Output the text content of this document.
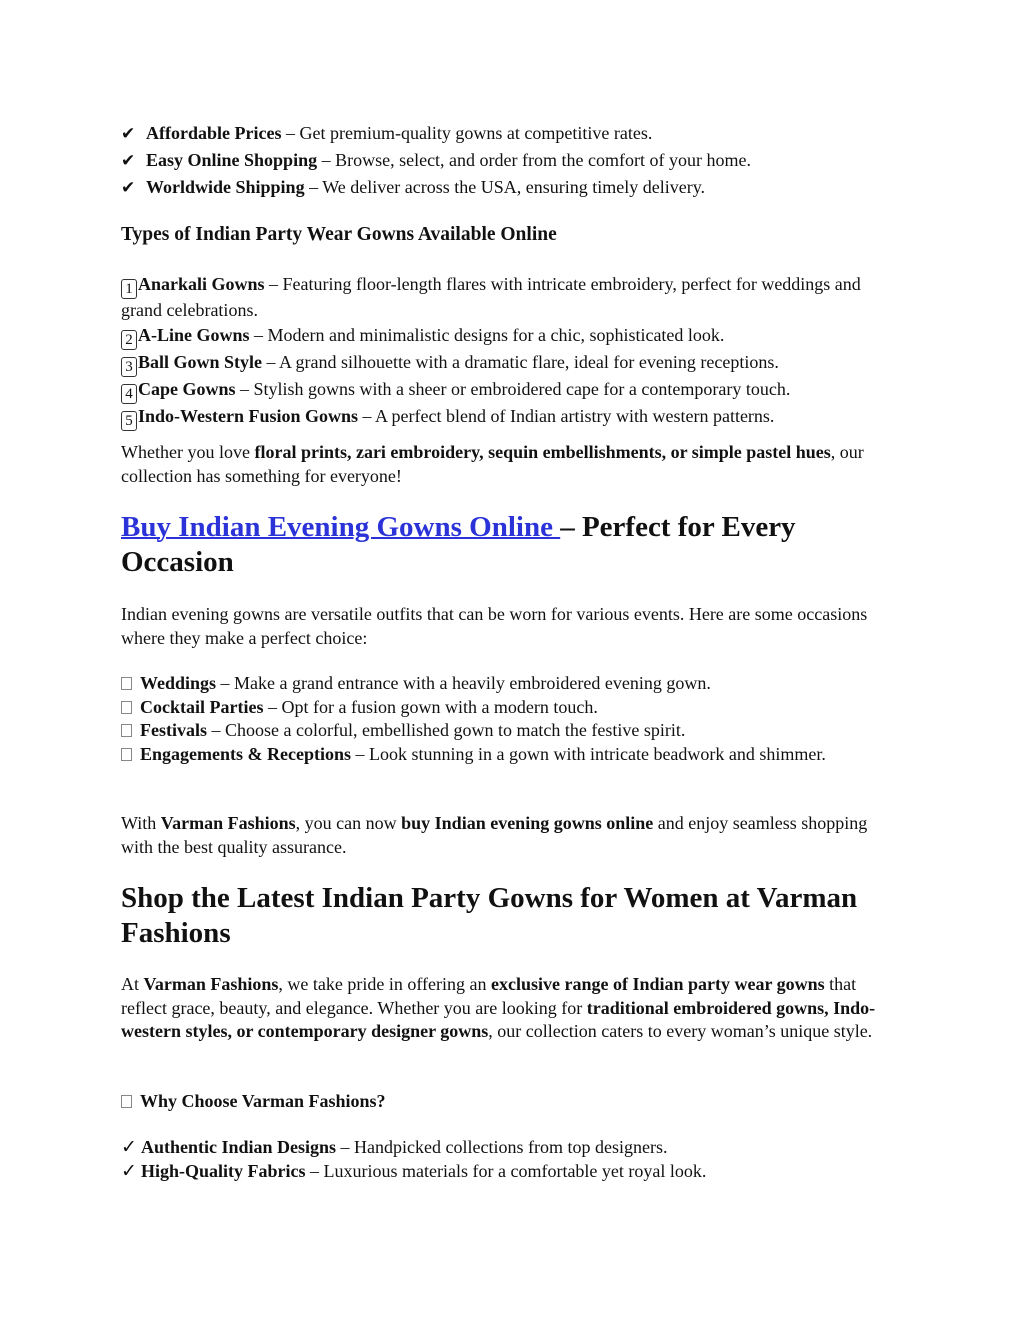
✔ Affordable Prices – Get premium-quality gowns at competitive rates.

✔ Easy Online Shopping – Browse, select, and order from the comfort of your home.

✔ Worldwide Shipping – We deliver across the USA, ensuring timely delivery.

Types of Indian Party Wear Gowns Available Online

1 Anarkali Gowns – Featuring floor-length flares with intricate embroidery, perfect for weddings and grand celebrations.

2 A-Line Gowns – Modern and minimalistic designs for a chic, sophisticated look.

3 Ball Gown Style – A grand silhouette with a dramatic flare, ideal for evening receptions.

4 Cape Gowns – Stylish gowns with a sheer or embroidered cape for a contemporary touch.

5 Indo-Western Fusion Gowns – A perfect blend of Indian artistry with western patterns.

Whether you love floral prints, zari embroidery, sequin embellishments, or simple pastel hues, our collection has something for everyone!

Buy Indian Evening Gowns Online – Perfect for Every Occasion

Indian evening gowns are versatile outfits that can be worn for various events. Here are some occasions where they make a perfect choice:

Weddings – Make a grand entrance with a heavily embroidered evening gown.

Cocktail Parties – Opt for a fusion gown with a modern touch.

Festivals – Choose a colorful, embellished gown to match the festive spirit.

Engagements & Receptions – Look stunning in a gown with intricate beadwork and shimmer.

With Varman Fashions, you can now buy Indian evening gowns online and enjoy seamless shopping with the best quality assurance.

Shop the Latest Indian Party Gowns for Women at Varman Fashions

At Varman Fashions, we take pride in offering an exclusive range of Indian party wear gowns that reflect grace, beauty, and elegance. Whether you are looking for traditional embroidered gowns, Indo-western styles, or contemporary designer gowns, our collection caters to every woman’s unique style.

Why Choose Varman Fashions?

✓ Authentic Indian Designs – Handpicked collections from top designers.

✓ High-Quality Fabrics – Luxurious materials for a comfortable yet royal look.
